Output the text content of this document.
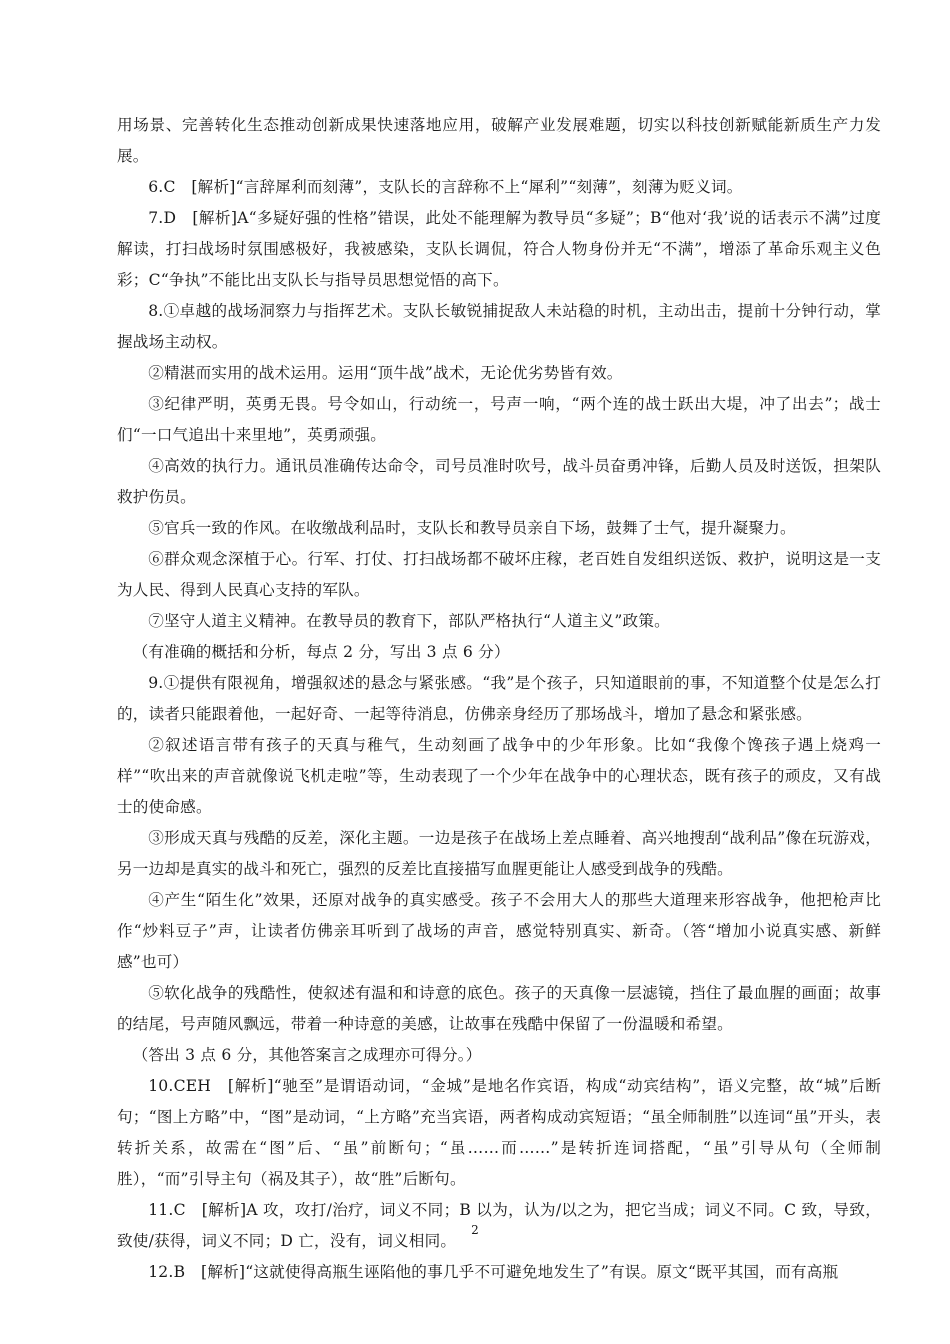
用场景、完善转化生态推动创新成果快速落地应用，破解产业发展难题，切实以科技创新赋能新质生产力发展。

6.C　[解析]“言辞犀利而刻薄”，支队长的言辞称不上“犀利”“刻薄”，刻薄为贬义词。

7.D　[解析]A“多疑好强的性格”错误，此处不能理解为教导员“多疑”；B“他对‘我’说的话表示不满”过度解读，打扫战场时氛围感极好，我被感染，支队长调侃，符合人物身份并无“不满”，增添了革命乐观主义色彩；C“争执”不能比出支队长与指导员思想觉悟的高下。

8.①卓越的战场洞察力与指挥艺术。支队长敏锐捕捉敌人未站稳的时机，主动出击，提前十分钟行动，掌握战场主动权。

②精湛而实用的战术运用。运用“顶牛战”战术，无论优劣势皆有效。

③纪律严明，英勇无畏。号令如山，行动统一，号声一响，“两个连的战士跃出大堤，冲了出去”；战士们“一口气追出十来里地”，英勇顽强。

④高效的执行力。通讯员准确传达命令，司号员准时吹号，战斗员奋勇冲锋，后勤人员及时送饭，担架队救护伤员。

⑤官兵一致的作风。在收缴战利品时，支队长和教导员亲自下场，鼓舞了士气，提升凝聚力。

⑥群众观念深植于心。行军、打仗、打扫战场都不破坏庄稼，老百姓自发组织送饭、救护，说明这是一支为人民、得到人民真心支持的军队。

⑦坚守人道主义精神。在教导员的教育下，部队严格执行“人道主义”政策。

（有准确的概括和分析，每点 2 分，写出 3 点 6 分）

9.①提供有限视角，增强叙述的悬念与紧张感。“我”是个孩子，只知道眼前的事，不知道整个仗是怎么打的，读者只能跟着他，一起好奇、一起等待消息，仿佛亲身经历了那场战斗，增加了悬念和紧张感。

②叙述语言带有孩子的天真与稚气，生动刻画了战争中的少年形象。比如“我像个馋孩子遇上烧鸡一样”“吹出来的声音就像说飞机走啦”等，生动表现了一个少年在战争中的心理状态，既有孩子的顽皮，又有战士的使命感。

③形成天真与残酷的反差，深化主题。一边是孩子在战场上差点睡着、高兴地搜刮“战利品”像在玩游戏，另一边却是真实的战斗和死亡，强烈的反差比直接描写血腥更能让人感受到战争的残酷。

④产生“陌生化”效果，还原对战争的真实感受。孩子不会用大人的那些大道理来形容战争，他把枪声比作“炒料豆子”声，让读者仿佛亲耳听到了战场的声音，感觉特别真实、新奇。（答“增加小说真实感、新鲜感”也可）

⑤软化战争的残酷性，使叙述有温和和诗意的底色。孩子的天真像一层滤镜，挡住了最血腥的画面；故事的结尾，号声随风飘远，带着一种诗意的美感，让故事在残酷中保留了一份温暖和希望。

（答出 3 点 6 分，其他答案言之成理亦可得分。）

10.CEH　[解析]“驰至”是谓语动词，“金城”是地名作宾语，构成“动宾结构”，语义完整，故“城”后断句；“图上方略”中，“图”是动词，“上方略”充当宾语，两者构成动宾短语；“虽全师制胜”以连词“虽”开头，表转折关系，故需在“图”后、“虽”前断句；“虽……而……”是转折连词搭配，“虽”引导从句（全师制胜），“而”引导主句（祸及其子），故“胜”后断句。

11.C　[解析]A 攻，攻打/治疗，词义不同；B 以为，认为/以之为，把它当成；词义不同。C 致，导致，致使/获得，词义不同；D 亡，没有，词义相同。

12.B　[解析]“这就使得高瓶生诬陷他的事几乎不可避免地发生了”有误。原文“既平其国，而有高瓶

2
